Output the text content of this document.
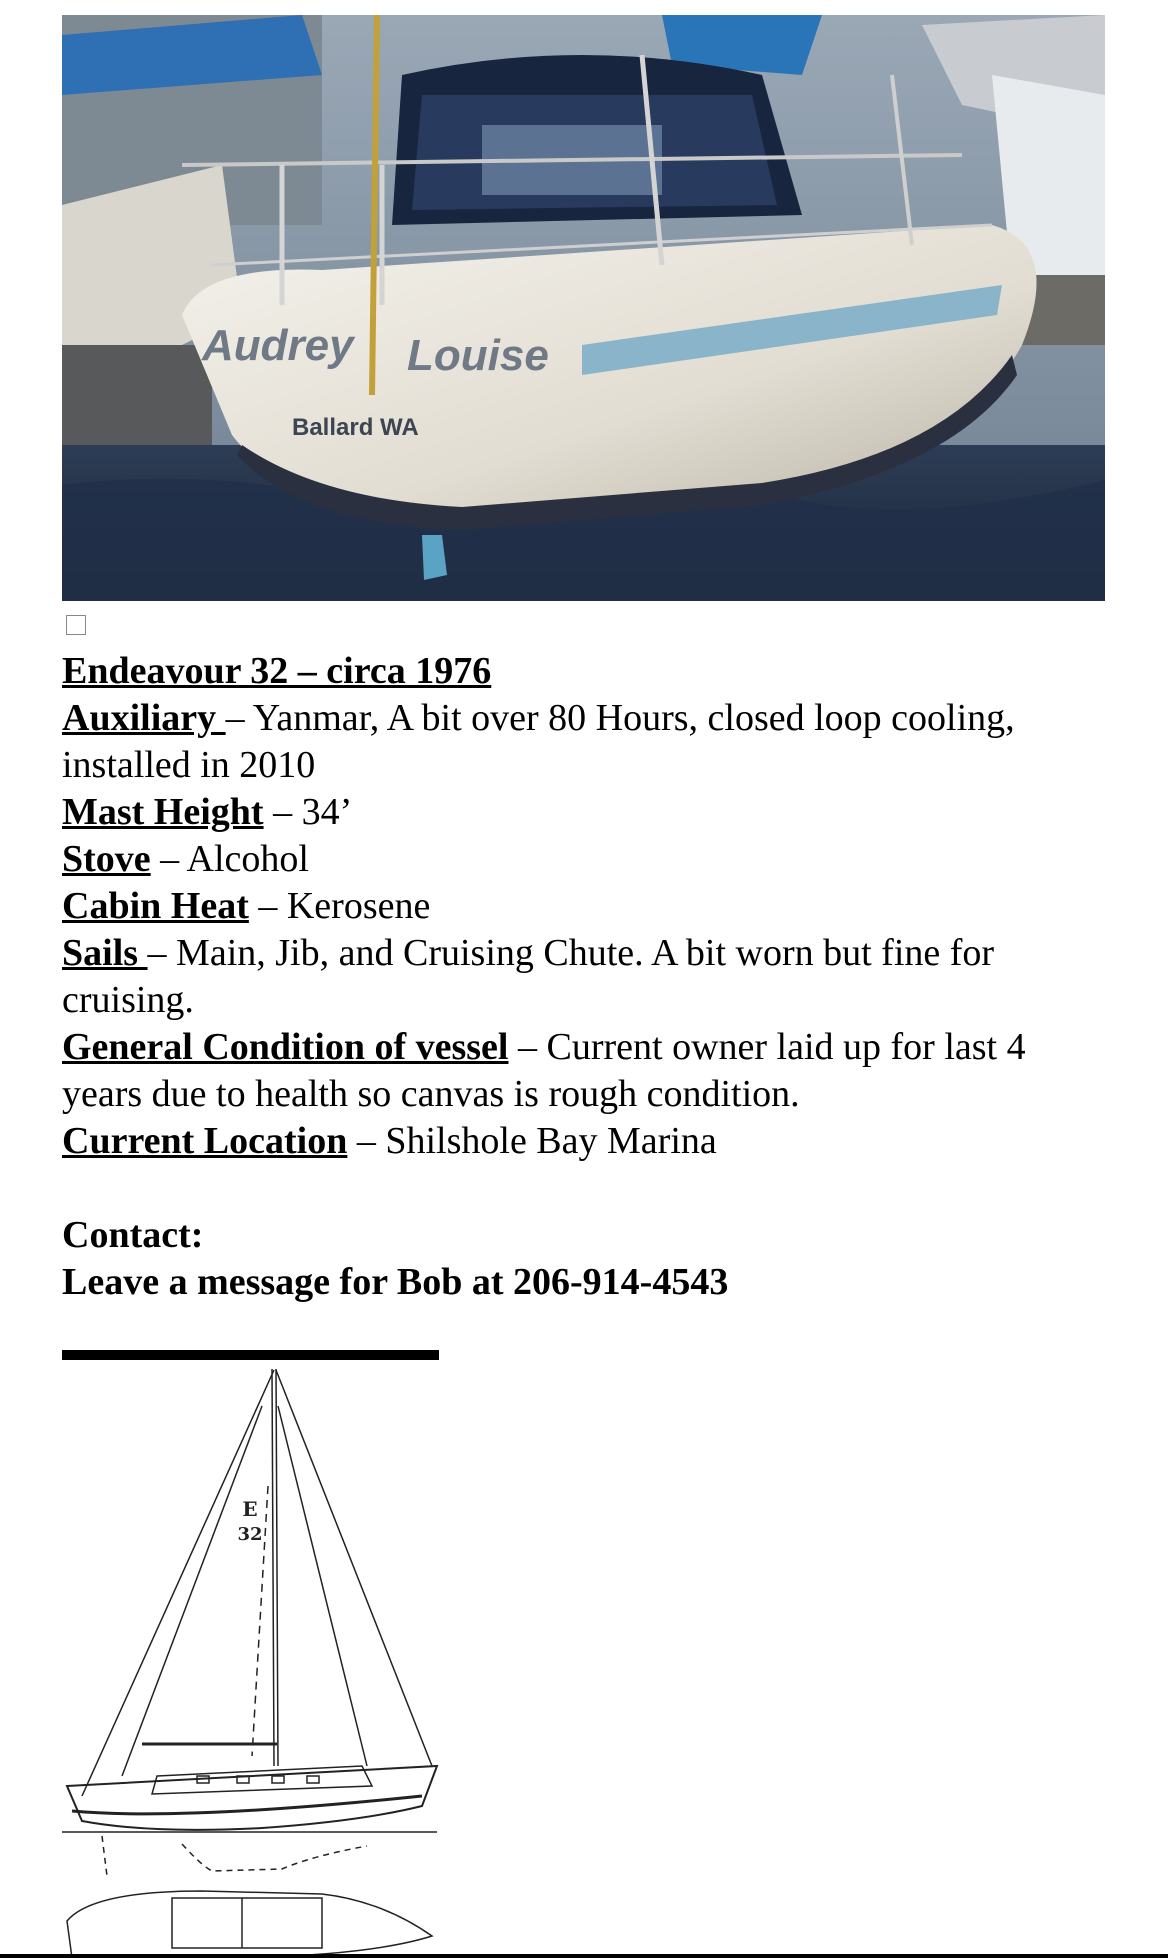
Audrey Louise
Ballard WA

Endeavour 32 – circa 1976

Auxiliary – Yanmar, A bit over 80 Hours, closed loop cooling, installed in 2010

Mast Height – 34’

Stove – Alcohol

Cabin Heat – Kerosene

Sails – Main, Jib, and Cruising Chute. A bit worn but fine for cruising.

General Condition of vessel – Current owner laid up for last 4 years due to health so canvas is rough condition.

Current Location – Shilshole Bay Marina

Contact:

Leave a message for Bob at 206-914-4543

E
32
